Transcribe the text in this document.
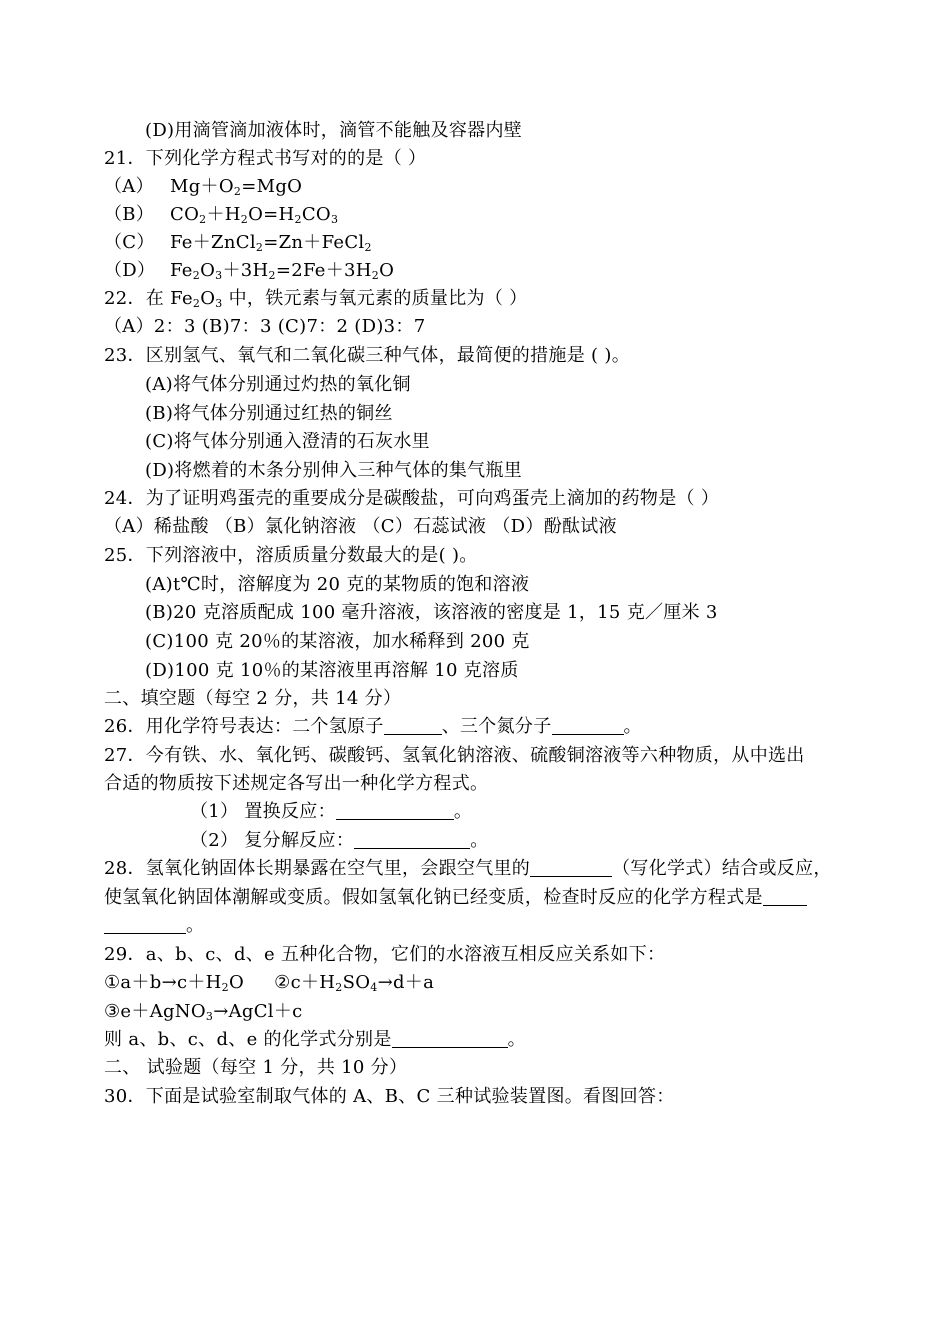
(D)用滴管滴加液体时，滴管不能触及容器内壁
21．下列化学方程式书写对的的是（ ）
（A） $Mg+O_2=MgO$
（B） $CO_2+H_2O=H_2CO_3$
（C） Fe＋ZnCl$_2$=Zn＋FeCl$_2$
（D） $Fe_2O_3+3H_2=2Fe+3H_2O$
22．在 $Fe_2O_3$ 中，铁元素与氧元素的质量比为（ ）
（A）2：3 (B)7：3 (C)7：2 (D)3：7
23．区别氢气、氧气和二氧化碳三种气体，最简便的措施是 ( )。
(A)将气体分别通过灼热的氧化铜
(B)将气体分别通过红热的铜丝
(C)将气体分别通入澄清的石灰水里
(D)将燃着的木条分别伸入三种气体的集气瓶里
24．为了证明鸡蛋壳的重要成分是碳酸盐，可向鸡蛋壳上滴加的药物是（ ）
（A）稀盐酸 （B）氯化钠溶液 （C）石蕊试液 （D）酚酞试液
25．下列溶液中，溶质质量分数最大的是( )。
(A)t℃时，溶解度为 20 克的某物质的饱和溶液
(B)20 克溶质配成 100 毫升溶液，该溶液的密度是 1，15 克／厘米 3
(C)100 克 20％的某溶液，加水稀释到 200 克
(D)100 克 10％的某溶液里再溶解 10 克溶质
二、填空题（每空 2 分，共 14 分）
26．用化学符号表达：二个氢原子	、三个氮分子	。
27．今有铁、水、氧化钙、碳酸钙、氢氧化钠溶液、硫酸铜溶液等六种物质，从中选出
合适的物质按下述规定各写出一种化学方程式。
（1） 置换反应：	。
（2） 复分解反应：	。
28．氢氧化钠固体长期暴露在空气里，会跟空气里的	（写化学式）结合或反应，
使氢氧化钠固体潮解或变质。假如氢氧化钠已经变质，检查时反应的化学方程式是
。
29．a、b、c、d、e 五种化合物，它们的水溶液互相反应关系如下：
$①a+b\to c+H_2O$ $②c+H_2SO_4\to d+a$
③e＋AgNO$_3$→AgCl＋c
则 a、b、c、d、e 的化学式分别是	。
二、 试验题（每空 1 分，共 10 分）
30．下面是试验室制取气体的 A、B、C 三种试验装置图。看图回答：
